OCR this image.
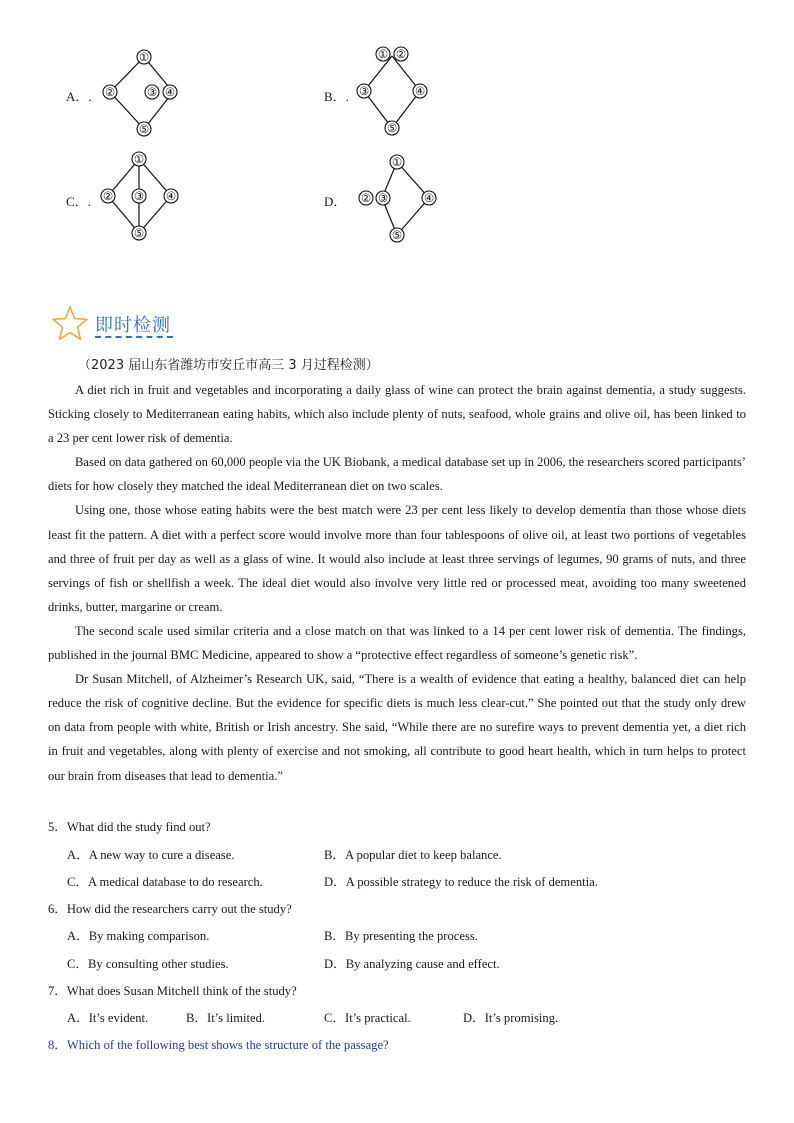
A．.
①
②	③ ④
⑤
B．.
① ②
③	④
⑤
C．.
①
② ③ ④
⑤
D．
①
② ③	④
⑤
即时检测
（2023 届山东省潍坊市安丘市高三 3 月过程检测）

A diet rich in fruit and vegetables and incorporating a daily glass of wine can protect the brain against dementia, a study suggests. Sticking closely to Mediterranean eating habits, which also include plenty of nuts, seafood, whole grains and olive oil, has been linked to a 23 per cent lower risk of dementia.

Based on data gathered on 60,000 people via the UK Biobank, a medical database set up in 2006, the researchers scored participants’ diets for how closely they matched the ideal Mediterranean diet on two scales.

Using one, those whose eating habits were the best match were 23 per cent less likely to develop dementia than those whose diets least fit the pattern. A diet with a perfect score would involve more than four tablespoons of olive oil, at least two portions of vegetables and three of fruit per day as well as a glass of wine. It would also include at least three servings of legumes, 90 grams of nuts, and three servings of fish or shellfish a week. The ideal diet would also involve very little red or processed meat, avoiding too many sweetened drinks, butter, margarine or cream.

The second scale used similar criteria and a close match on that was linked to a 14 per cent lower risk of dementia. The findings, published in the journal BMC Medicine, appeared to show a “protective effect regardless of someone’s genetic risk”.

Dr Susan Mitchell, of Alzheimer’s Research UK, said, “There is a wealth of evidence that eating a healthy, balanced diet can help reduce the risk of cognitive decline. But the evidence for specific diets is much less clear-cut.” She pointed out that the study only drew on data from people with white, British or Irish ancestry. She said, “While there are no surefire ways to prevent dementia yet, a diet rich in fruit and vegetables, along with plenty of exercise and not smoking, all contribute to good heart health, which in turn helps to protect our brain from diseases that lead to dementia.”

5．What did the study find out?
A．A new way to cure a disease.	B．A popular diet to keep balance.
C．A medical database to do research.	D．A possible strategy to reduce the risk of dementia.
6．How did the researchers carry out the study?
A．By making comparison.	B．By presenting the process.
C．By consulting other studies.	D．By analyzing cause and effect.
7．What does Susan Mitchell think of the study?
A．It’s evident.	B．It’s limited.	C．It’s practical.	D．It’s promising.
8．Which of the following best shows the structure of the passage?
